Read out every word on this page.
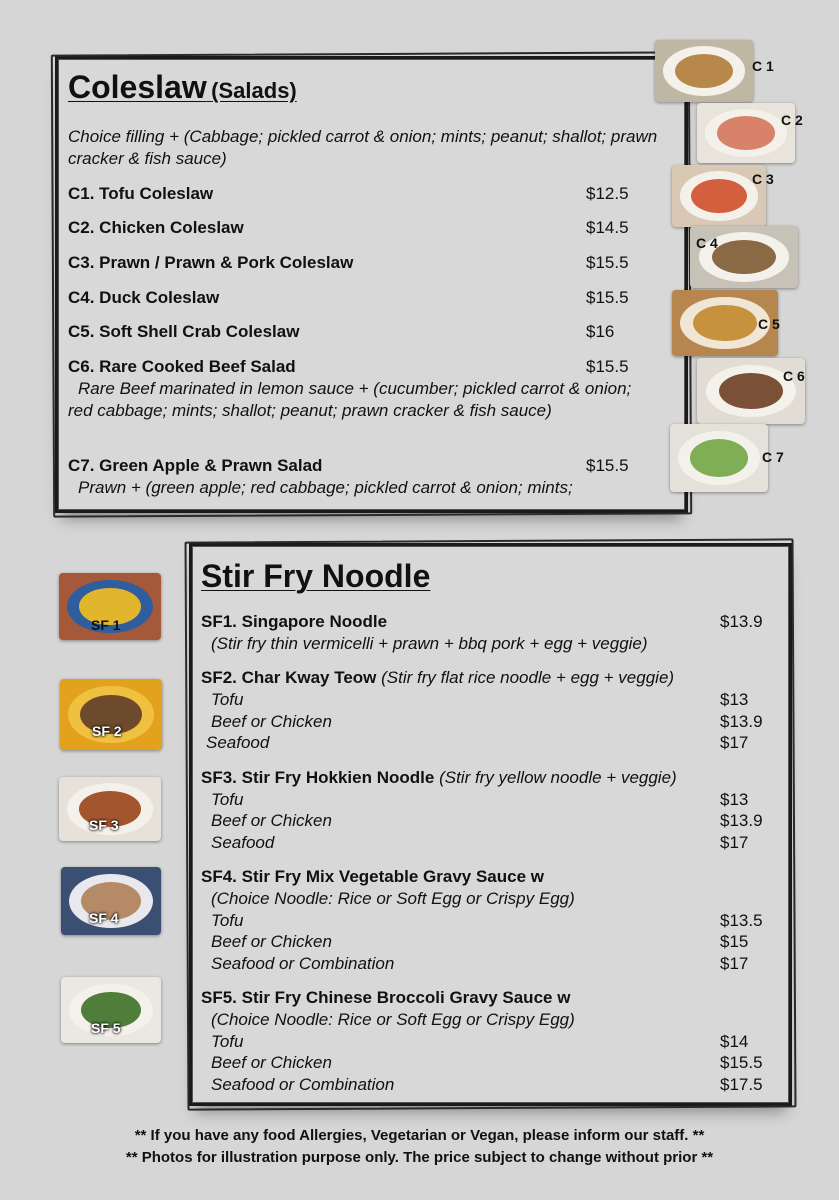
Coleslaw (Salads)
Choice filling + (Cabbage; pickled carrot & onion; mints; peanut; shallot; prawn cracker & fish sauce)
C1. Tofu Coleslaw	$12.5
C2. Chicken Coleslaw	$14.5
C3. Prawn / Prawn & Pork Coleslaw	$15.5
C4. Duck Coleslaw	$15.5
C5. Soft Shell Crab Coleslaw	$16
C6. Rare Cooked Beef Salad	$15.5
Rare Beef marinated in lemon sauce + (cucumber; pickled carrot & onion; red cabbage; mints; shallot; peanut; prawn cracker & fish sauce)
C7. Green Apple & Prawn Salad	$15.5
Prawn + (green apple; red cabbage; pickled carrot & onion; mints;
C 1
C 2
C 3
C 4
C 5
C 6
C 7
Stir Fry Noodle
SF1. Singapore Noodle	$13.9
(Stir fry thin vermicelli + prawn + bbq pork + egg + veggie)
SF2. Char Kway Teow (Stir fry flat rice noodle + egg + veggie)
Tofu	$13
Beef or Chicken	$13.9
Seafood	$17
SF3. Stir Fry Hokkien Noodle (Stir fry yellow noodle + veggie)
Tofu	$13
Beef or Chicken	$13.9
Seafood	$17
SF4. Stir Fry Mix Vegetable Gravy Sauce w
(Choice Noodle: Rice or Soft Egg or Crispy Egg)
Tofu	$13.5
Beef or Chicken	$15
Seafood or Combination	$17
SF5. Stir Fry Chinese Broccoli Gravy Sauce w
(Choice Noodle: Rice or Soft Egg or Crispy Egg)
Tofu	$14
Beef or Chicken	$15.5
Seafood or Combination	$17.5
SF 1
SF 2
SF 3
SF 4
SF 5
** If you have any food Allergies, Vegetarian or Vegan, please inform our staff. **
** Photos for illustration purpose only. The price subject to change without prior **
